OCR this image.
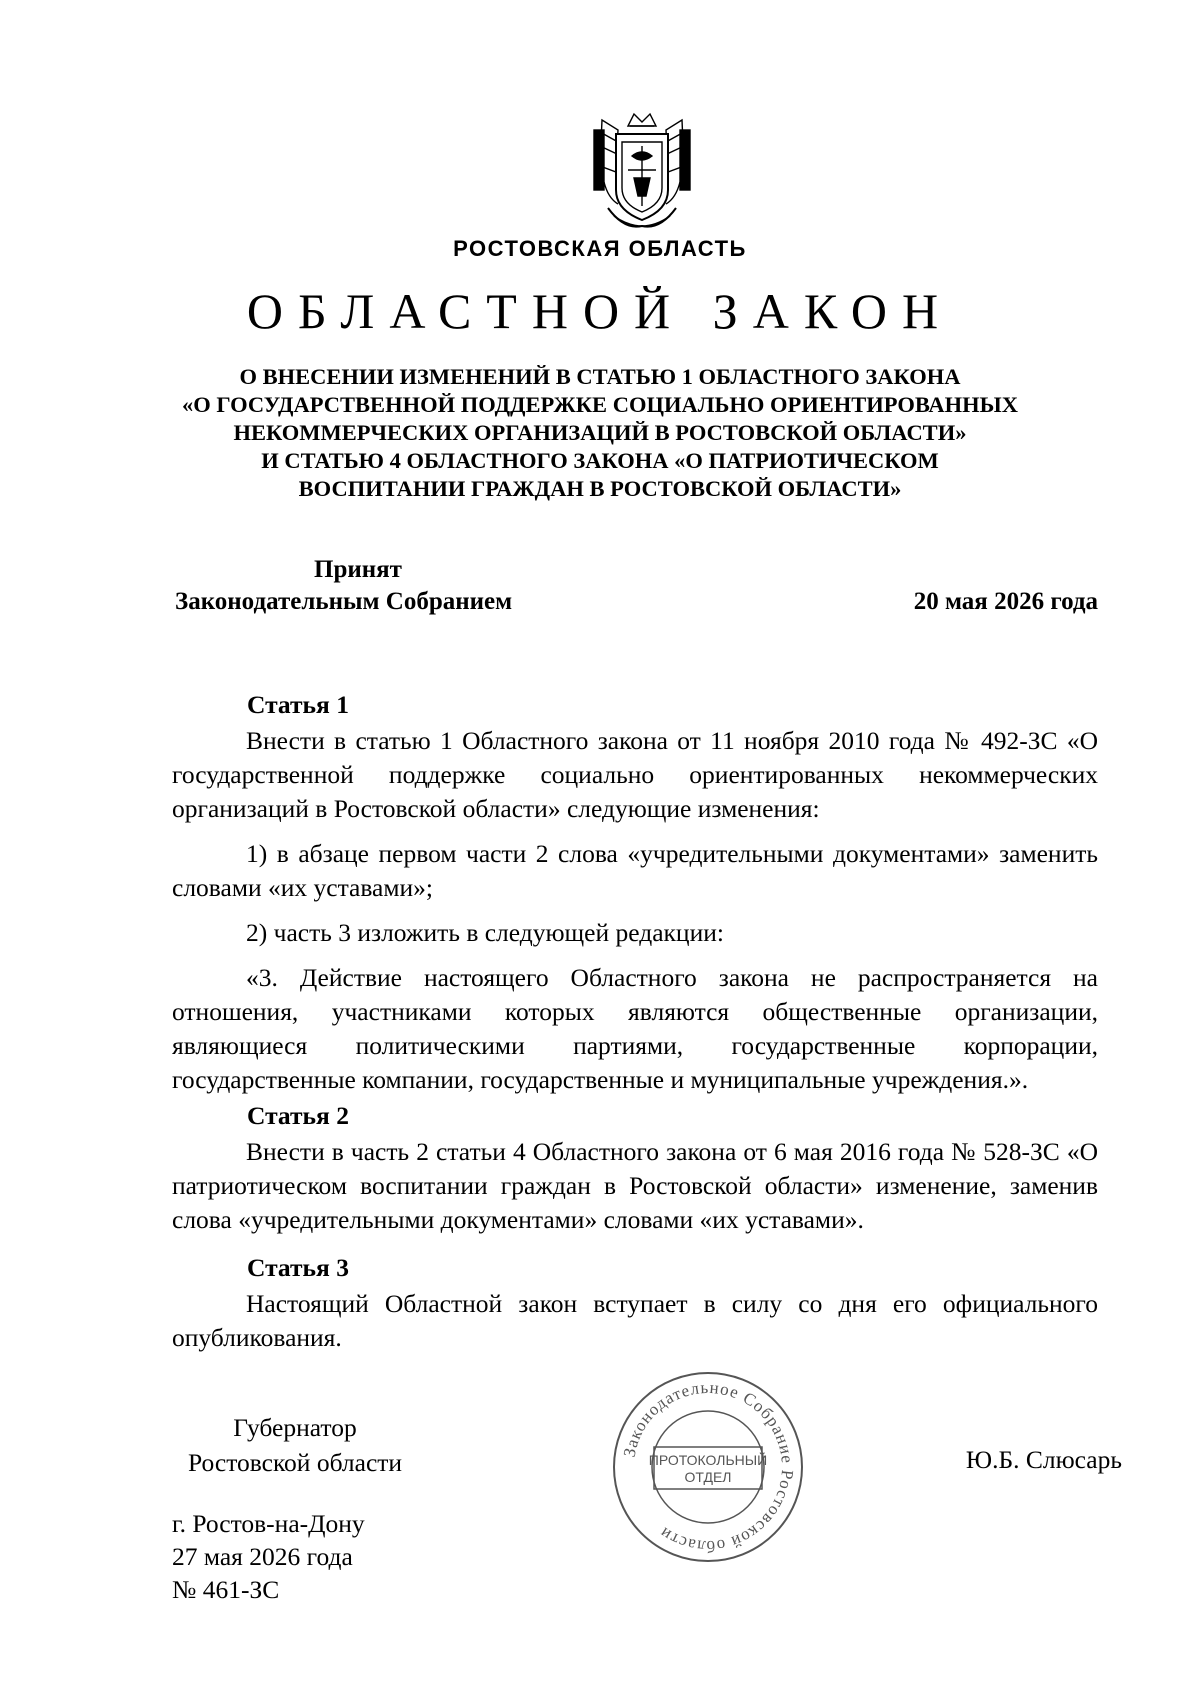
РОСТОВСКАЯ ОБЛАСТЬ
ОБЛАСТНОЙ ЗАКОН
О ВНЕСЕНИИ ИЗМЕНЕНИЙ В СТАТЬЮ 1 ОБЛАСТНОГО ЗАКОНА
«О ГОСУДАРСТВЕННОЙ ПОДДЕРЖКЕ СОЦИАЛЬНО ОРИЕНТИРОВАННЫХ
НЕКОММЕРЧЕСКИХ ОРГАНИЗАЦИЙ В РОСТОВСКОЙ ОБЛАСТИ»
И СТАТЬЮ 4 ОБЛАСТНОГО ЗАКОНА «О ПАТРИОТИЧЕСКОМ
ВОСПИТАНИИ ГРАЖДАН В РОСТОВСКОЙ ОБЛАСТИ»
Принят
Законодательным Собранием	20 мая 2026 года
Статья 1
Внести в статью 1 Областного закона от 11 ноября 2010 года № 492-ЗС «О государственной поддержке социально ориентированных некоммерческих организаций в Ростовской области» следующие изменения:
1) в абзаце первом части 2 слова «учредительными документами» заменить словами «их уставами»;
2) часть 3 изложить в следующей редакции:
«3. Действие настоящего Областного закона не распространяется на отношения, участниками которых являются общественные организации, являющиеся политическими партиями, государственные корпорации, государственные компании, государственные и муниципальные учреждения.».
Статья 2
Внести в часть 2 статьи 4 Областного закона от 6 мая 2016 года № 528-ЗС «О патриотическом воспитании граждан в Ростовской области» изменение, заменив слова «учредительными документами» словами «их уставами».
Статья 3
Настоящий Областной закон вступает в силу со дня его официального опубликования.
Губернатор
Ростовской области	Ю.Б. Слюсарь
г. Ростов-на-Дону
27 мая 2026 года
№ 461-ЗС
Законодательное Собрание Ростовской области
ПРОТОКОЛЬНЫЙ
ОТДЕЛ
